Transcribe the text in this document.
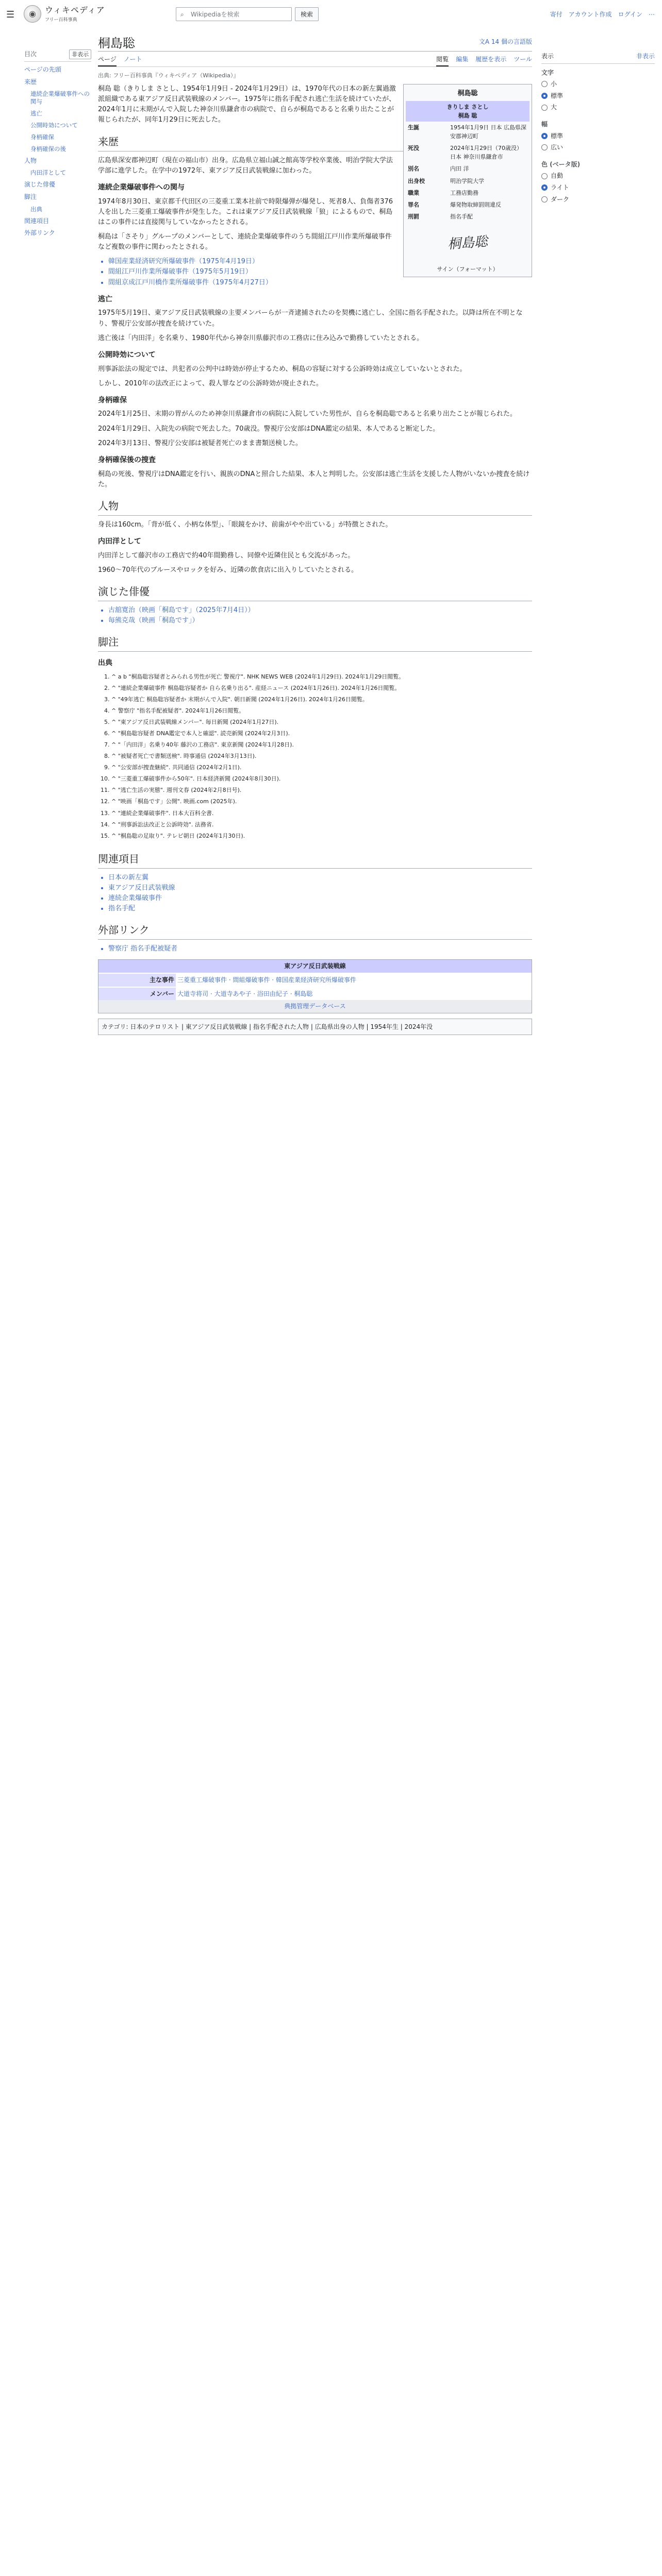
☰	◉	ウィキペディア
フリー百科事典
⌕ Wikipediaを検索	検索	寄付 アカウント作成 ログイン ⋯
目次	非表示
ページの先頭
来歴
連続企業爆破事件への関与
逃亡
公開時効について
身柄確保
身柄確保の後
人物
内田洋として
演じた俳優
脚注
出典
関連項目
外部リンク
桐島聡	文A 14 個の言語版
ページ ノート	閲覧 編集 履歴を表示 ツール
出典: フリー百科事典『ウィキペディア（Wikipedia）』
桐島聡
きりしま さとし
桐島 聡
生誕	1954年1月9日 日本 広島県深安郡神辺町
死没	2024年1月29日（70歳没） 日本 神奈川県鎌倉市
別名	内田 洋
出身校	明治学院大学
職業	工務店勤務
罪名	爆発物取締罰則違反
刑罰	指名手配
桐島聡
サイン（フォーマット）

桐島 聡（きりしま さとし、1954年1月9日 - 2024年1月29日）は、1970年代の日本の新左翼過激派組織である東アジア反日武装戦線のメンバー。1975年に指名手配され逃亡生活を続けていたが、2024年1月に末期がんで入院した神奈川県鎌倉市の病院で、自らが桐島であると名乗り出たことが報じられたが、同年1月29日に死去した。

来歴

広島県深安郡神辺町（現在の福山市）出身。広島県立福山誠之館高等学校卒業後、明治学院大学法学部に進学した。在学中の1972年、東アジア反日武装戦線に加わった。

連続企業爆破事件への関与

1974年8月30日、東京都千代田区の三菱重工業本社前で時限爆弾が爆発し、死者8人、負傷者376人を出した三菱重工爆破事件が発生した。これは東アジア反日武装戦線「狼」によるもので、桐島はこの事件には直接関与していなかったとされる。

桐島は「さそり」グループのメンバーとして、連続企業爆破事件のうち間組江戸川作業所爆破事件など複数の事件に関わったとされる。

• 韓国産業経済研究所爆破事件（1975年4月19日）
• 間組江戸川作業所爆破事件（1975年5月19日）
• 間組京成江戸川橋作業所爆破事件（1975年4月27日）
逃亡

1975年5月19日、東アジア反日武装戦線の主要メンバーらが一斉逮捕されたのを契機に逃亡し、全国に指名手配された。以降は所在不明となり、警視庁公安部が捜査を続けていた。

逃亡後は「内田洋」を名乗り、1980年代から神奈川県藤沢市の工務店に住み込みで勤務していたとされる。

公開時効について

刑事訴訟法の規定では、共犯者の公判中は時効が停止するため、桐島の容疑に対する公訴時効は成立していないとされた。

しかし、2010年の法改正によって、殺人罪などの公訴時効が廃止された。

身柄確保

2024年1月25日、末期の胃がんのため神奈川県鎌倉市の病院に入院していた男性が、自らを桐島聡であると名乗り出たことが報じられた。

2024年1月29日、入院先の病院で死去した。70歳没。警視庁公安部はDNA鑑定の結果、本人であると断定した。

2024年3月13日、警視庁公安部は被疑者死亡のまま書類送検した。

身柄確保後の捜査

桐島の死後、警視庁はDNA鑑定を行い、親族のDNAと照合した結果、本人と判明した。公安部は逃亡生活を支援した人物がいないか捜査を続けた。

人物

身長は160cm。「背が低く、小柄な体型」、「眼鏡をかけ、前歯がやや出ている」が特徴とされた。

内田洋として

内田洋として藤沢市の工務店で約40年間勤務し、同僚や近隣住民とも交流があった。

1960〜70年代のブルースやロックを好み、近隣の飲食店に出入りしていたとされる。

演じた俳優
• 古舘寛治（映画「桐島です」（2025年7月4日））
• 毎熊克哉（映画「桐島です」）
脚注
出典
1. ^ a b "桐島聡容疑者とみられる男性が死亡 警視庁". NHK NEWS WEB (2024年1月29日). 2024年1月29日閲覧。
2. ^ "連続企業爆破事件 桐島聡容疑者か 自ら名乗り出る". 産経ニュース (2024年1月26日). 2024年1月26日閲覧。
3. ^ "49年逃亡 桐島聡容疑者か 末期がんで入院". 朝日新聞 (2024年1月26日). 2024年1月26日閲覧。
4. ^ 警察庁 "指名手配被疑者". 2024年1月26日閲覧。
5. ^ "東アジア反日武装戦線メンバー". 毎日新聞 (2024年1月27日).
6. ^ "桐島聡容疑者 DNA鑑定で本人と確認". 読売新聞 (2024年2月3日).
7. ^ "「内田洋」名乗り40年 藤沢の工務店". 東京新聞 (2024年1月28日).
8. ^ "被疑者死亡で書類送検". 時事通信 (2024年3月13日).
9. ^ "公安部が捜査継続". 共同通信 (2024年2月1日).
10. ^ "三菱重工爆破事件から50年". 日本経済新聞 (2024年8月30日).
11. ^ "逃亡生活の実態". 週刊文春 (2024年2月8日号).
12. ^ "映画「桐島です」公開". 映画.com (2025年).
13. ^ "連続企業爆破事件". 日本大百科全書.
14. ^ "刑事訴訟法改正と公訴時効". 法務省.
15. ^ "桐島聡の足取り". テレビ朝日 (2024年1月30日).
関連項目
• 日本の新左翼
• 東アジア反日武装戦線
• 連続企業爆破事件
• 指名手配
外部リンク
• 警察庁 指名手配被疑者
東アジア反日武装戦線
主な事件 三菱重工爆破事件 · 間組爆破事件 · 韓国産業経済研究所爆破事件
メンバー 大道寺将司 · 大道寺あや子 · 浴田由紀子 · 桐島聡
典拠管理データベース
カテゴリ: 日本のテロリスト | 東アジア反日武装戦線 | 指名手配された人物 | 広島県出身の人物 | 1954年生 | 2024年没
表示	非表示
文字
小
標準
大
幅
標準
広い
色 (ベータ版)
自動
ライト
ダーク
